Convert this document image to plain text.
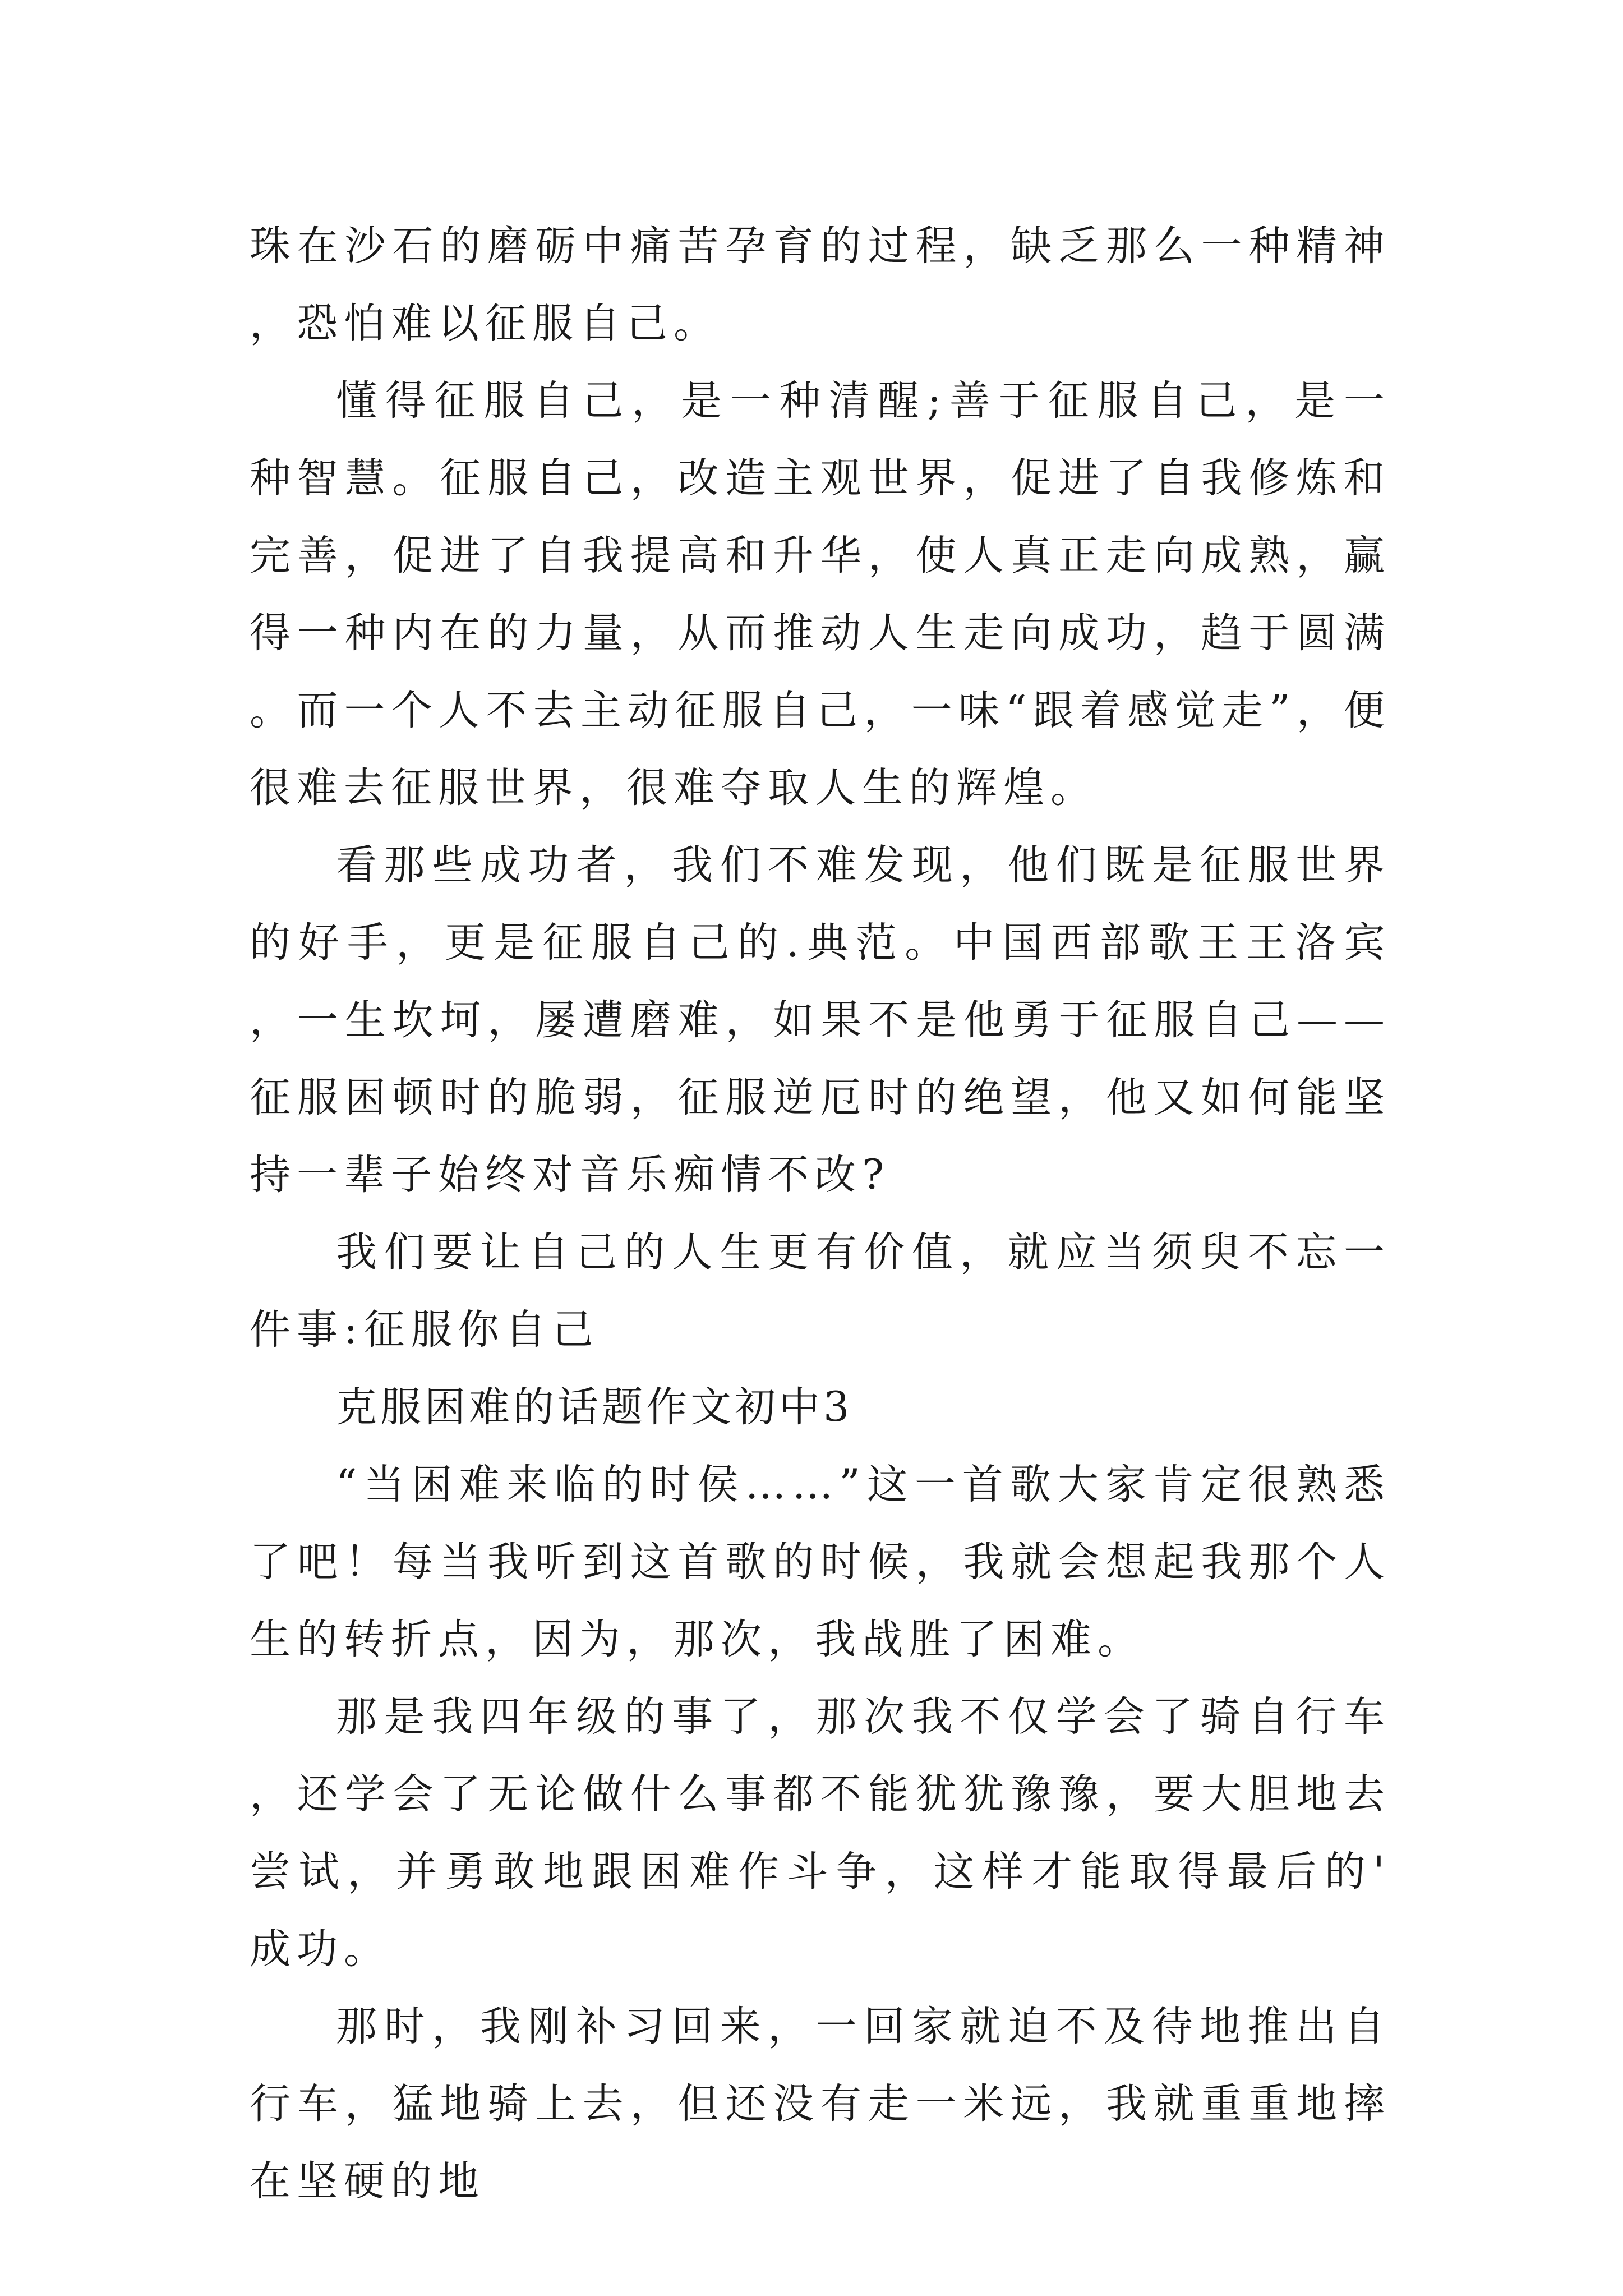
珠在沙石的磨砺中痛苦孕育的过程，缺乏那么一种精神，恐怕难以征服自己。

懂得征服自己，是一种清醒;善于征服自己，是一种智慧。征服自己，改造主观世界，促进了自我修炼和完善，促进了自我提高和升华，使人真正走向成熟，赢得一种内在的力量，从而推动人生走向成功，趋于圆满。而一个人不去主动征服自己，一味“跟着感觉走”，便很难去征服世界，很难夺取人生的辉煌。

看那些成功者，我们不难发现，他们既是征服世界的好手，更是征服自己的.典范。中国西部歌王王洛宾，一生坎坷，屡遭磨难，如果不是他勇于征服自己——征服困顿时的脆弱，征服逆厄时的绝望，他又如何能坚持一辈子始终对音乐痴情不改?

我们要让自己的人生更有价值，就应当须臾不忘一件事:征服你自己

克服困难的话题作文初中3

“当困难来临的时侯……”这一首歌大家肯定很熟悉了吧！每当我听到这首歌的时候，我就会想起我那个人生的转折点，因为，那次，我战胜了困难。

那是我四年级的事了，那次我不仅学会了骑自行车，还学会了无论做什么事都不能犹犹豫豫，要大胆地去尝试，并勇敢地跟困难作斗争，这样才能取得最后的'成功。

那时，我刚补习回来，一回家就迫不及待地推出自行车，猛地骑上去，但还没有走一米远，我就重重地摔在坚硬的地
